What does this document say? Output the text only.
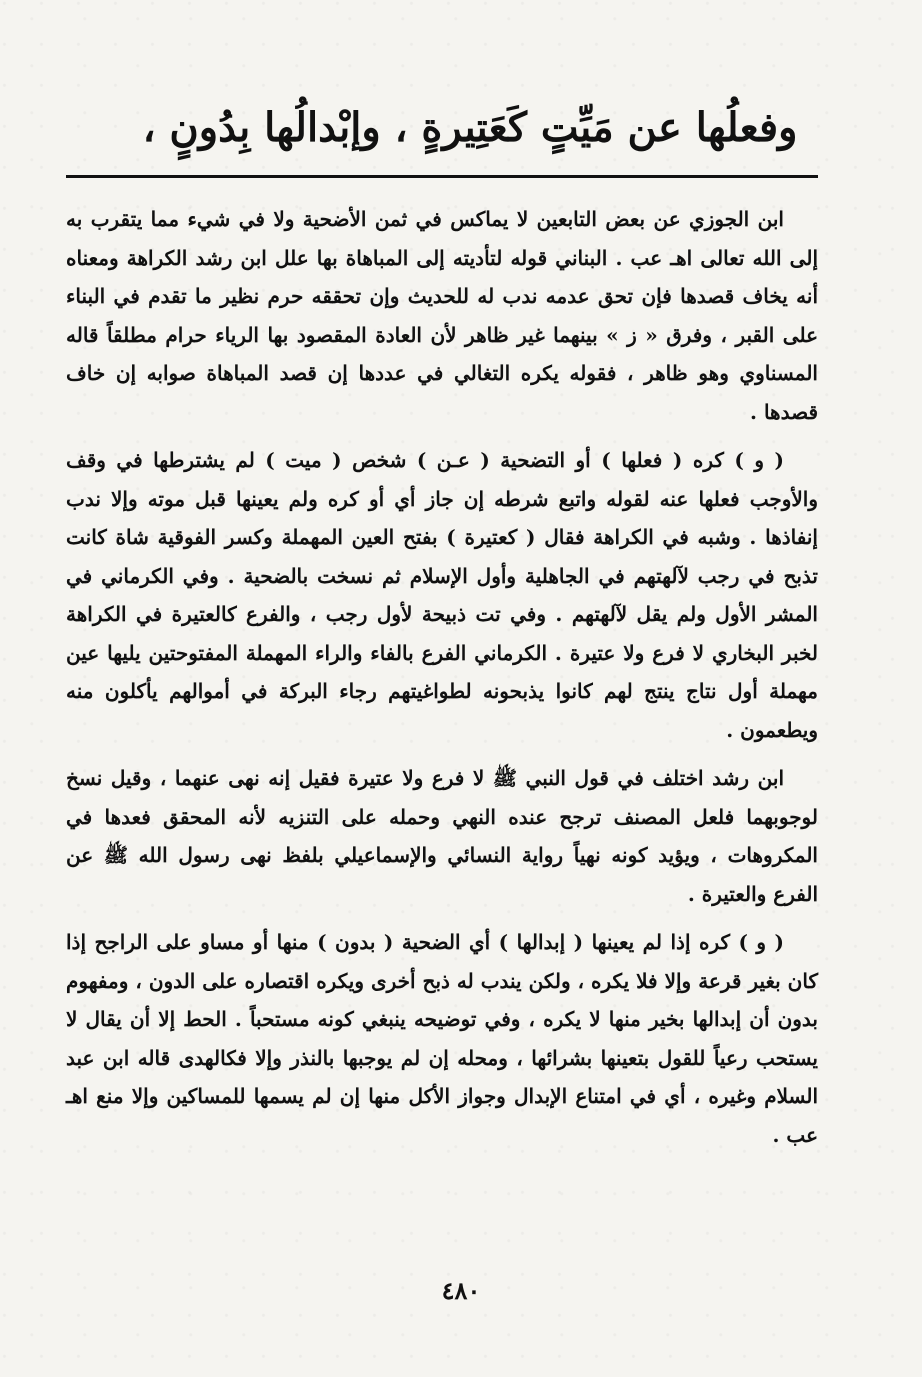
وفعلُها عن مَيِّتٍ كَعَتِيرةٍ ، وإبْدالُها بِدُونٍ ،

ابن الجوزي عن بعض التابعين لا يماكس في ثمن الأضحية ولا في شيء مما يتقرب به إلى الله تعالى اهـ عب . البناني قوله لتأديته إلى المباهاة بها علل ابن رشد الكراهة ومعناه أنه يخاف قصدها فإن تحق عدمه ندب له للحديث وإن تحققه حرم نظير ما تقدم في البناء على القبر ، وفرق « ز » بينهما غير ظاهر لأن العادة المقصود بها الرياء حرام مطلقاً قاله المسناوي وهو ظاهر ، فقوله يكره التغالي في عددها إن قصد المباهاة صوابه إن خاف قصدها .

( و ) كره ( فعلها ) أو التضحية ( عـن ) شخص ( ميت ) لم يشترطها في وقف والأوجب فعلها عنه لقوله واتبع شرطه إن جاز أي أو كره ولم يعينها قبل موته وإلا ندب إنفاذها . وشبه في الكراهة فقال ( كعتيرة ) بفتح العين المهملة وكسر الفوقية شاة كانت تذبح في رجب لآلهتهم في الجاهلية وأول الإسلام ثم نسخت بالضحية . وفي الكرماني في المشر الأول ولم يقل لآلهتهم . وفي تت ذبيحة لأول رجب ، والفرع كالعتيرة في الكراهة لخبر البخاري لا فرع ولا عتيرة . الكرماني الفرع بالفاء والراء المهملة المفتوحتين يليها عين مهملة أول نتاج ينتج لهم كانوا يذبحونه لطواغيتهم رجاء البركة في أموالهم يأكلون منه ويطعمون .

ابن رشد اختلف في قول النبي ﷺ لا فرع ولا عتيرة فقيل إنه نهى عنهما ، وقيل نسخ لوجوبهما فلعل المصنف ترجح عنده النهي وحمله على التنزيه لأنه المحقق فعدها في المكروهات ، ويؤيد كونه نهياً رواية النسائي والإسماعيلي بلفظ نهى رسول الله ﷺ عن الفرع والعتيرة .

( و ) كره إذا لم يعينها ( إبدالها ) أي الضحية ( بدون ) منها أو مساو على الراجح إذا كان بغير قرعة وإلا فلا يكره ، ولكن يندب له ذبح أخرى ويكره اقتصاره على الدون ، ومفهوم بدون أن إبدالها بخير منها لا يكره ، وفي توضيحه ينبغي كونه مستحباً . الحط إلا أن يقال لا يستحب رعياً للقول بتعينها بشرائها ، ومحله إن لم يوجبها بالنذر وإلا فكالهدى قاله ابن عبد السلام وغيره ، أي في امتناع الإبدال وجواز الأكل منها إن لم يسمها للمساكين وإلا منع اهـ عب .

٤٨٠
